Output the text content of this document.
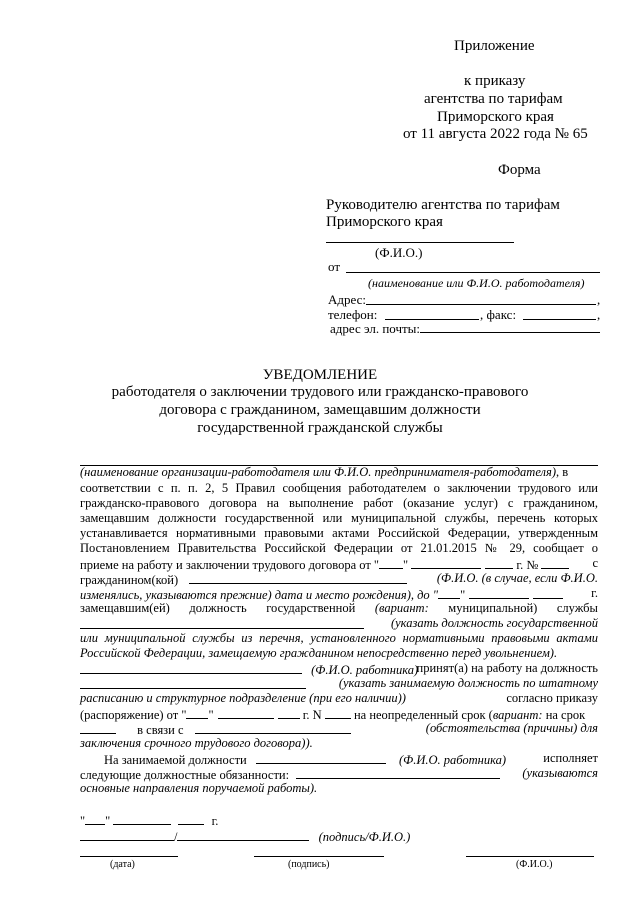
Приложение
к приказу
агентства по тарифам
Приморского края
от 11 августа 2022 года № 65
Форма
Руководителю агентства по тарифам
Приморского края
(Ф.И.О.)
от
(наименование или Ф.И.О. работодателя)
Адрес:	,
телефон:	, факс:	,
адрес эл. почты:
УВЕДОМЛЕНИЕ
работодателя о заключении трудового или гражданско-правового
договора с гражданином, замещавшим должности
государственной гражданской службы
(наименование организации-работодателя или Ф.И.О. предпринимателя-работодателя), в
соответствии с п. п. 2, 5 Правил сообщения работодателем о заключении трудового или
гражданско-правового договора на выполнение работ (оказание услуг) с гражданином,
замещавшим должности государственной или муниципальной службы, перечень которых
устанавливается нормативными правовыми актами Российской Федерации, утвержденным
Постановлением Правительства Российской Федерации от 21.01.2015 № 29, сообщает о
приеме на работу и заключении трудового договора от " "	г. №	с
гражданином(кой)	(Ф.И.О. (в случае, если Ф.И.О.
изменялись, указываются прежние) дата и место рождения), до " "	г.
замещавшим(ей) должность государственной (вариант: муниципальной) службы
(указать должность государственной
или муниципальной службы из перечня, установленного нормативными правовыми актами
Российской Федерации, замещаемую гражданином непосредственно перед увольнением).
(Ф.И.О. работника)
принят(а) на работу на должность
(указать занимаемую должность по штатному
расписанию и структурное подразделение (при его наличии))	согласно приказу
(распоряжение) от " "	г. N	на неопределенный срок (вариант: на срок
в связи с	(обстоятельства (причины) для
заключения срочного трудового договора)).
На занимаемой должности	(Ф.И.О. работника)	исполняет
следующие должностные обязанности:	(указываются
основные направления поручаемой работы).
" "	г.
/	(подпись/Ф.И.О.)
(дата)	(подпись)	(Ф.И.О.)
